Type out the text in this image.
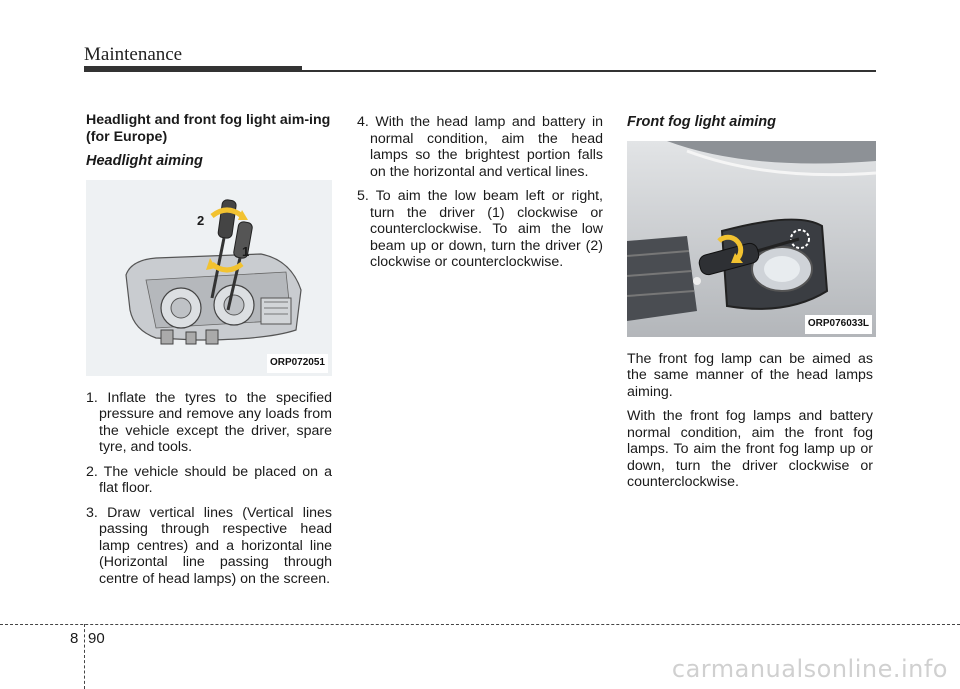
Maintenance
Headlight and front fog light aim-ing (for Europe)
Headlight aiming
2
1
ORP072051
1. Inflate the tyres to the specified pressure and remove any loads from the vehicle except the driver, spare tyre, and tools.
2. The vehicle should be placed on a flat floor.
3. Draw vertical lines (Vertical lines passing through respective head lamp centres) and a horizontal line (Horizontal line passing through centre of head lamps) on the screen.
4. With the head lamp and battery in normal condition, aim the head lamps so the brightest portion falls on the horizontal and vertical lines.
5. To aim the low beam left or right, turn the driver (1) clockwise or counterclockwise. To aim the low beam up or down, turn the driver (2) clockwise or counterclockwise.
Front fog light aiming
ORP076033L

The front fog lamp can be aimed as the same manner of the head lamps aiming.

With the front fog lamps and battery normal condition, aim the front fog lamps. To aim the front fog lamp up or down, turn the driver clockwise or counterclockwise.

8 90
carmanualsonline.info
